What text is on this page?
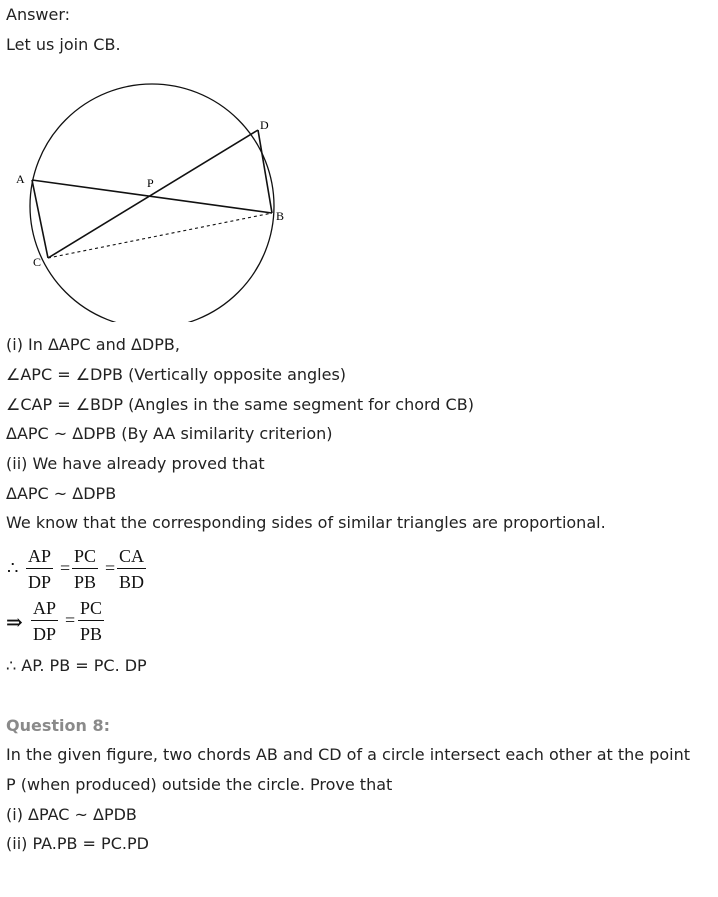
Answer:
Let us join CB.
A
D
P
B
C
(i) In ΔAPC and ΔDPB,
∠APC = ∠DPB (Vertically opposite angles)
∠CAP = ∠BDP (Angles in the same segment for chord CB)
ΔAPC ~ ΔDPB (By AA similarity criterion)
(ii) We have already proved that
ΔAPC ~ ΔDPB
We know that the corresponding sides of similar triangles are proportional.
∴ $\frac{AP}{DP} = \frac{PC}{PB} = \frac{CA}{BD}$
⇒ $\frac{AP}{DP} = \frac{PC}{PB}$
∴ AP. PB = PC. DP
Question 8:
In the given figure, two chords AB and CD of a circle intersect each other at the point
P (when produced) outside the circle. Prove that
(i) ΔPAC ~ ΔPDB
(ii) PA.PB = PC.PD
